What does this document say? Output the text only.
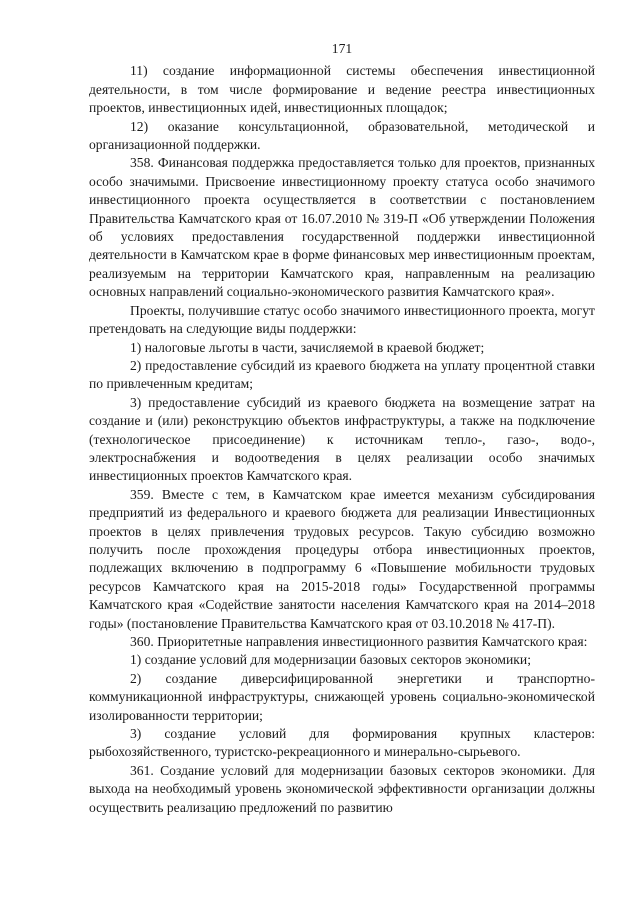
171

11) создание информационной системы обеспечения инвестиционной деятельности, в том числе формирование и ведение реестра инвестиционных проектов, инвестиционных идей, инвестиционных площадок;

12) оказание консультационной, образовательной, методической и организационной поддержки.

358. Финансовая поддержка предоставляется только для проектов, признанных особо значимыми. Присвоение инвестиционному проекту статуса особо значимого инвестиционного проекта осуществляется в соответствии с постановлением Правительства Камчатского края от 16.07.2010 № 319-П «Об утверждении Положения об условиях предоставления государственной поддержки инвестиционной деятельности в Камчатском крае в форме финансовых мер инвестиционным проектам, реализуемым на территории Камчатского края, направленным на реализацию основных направлений социально-экономического развития Камчатского края».

Проекты, получившие статус особо значимого инвестиционного проекта, могут претендовать на следующие виды поддержки:

1) налоговые льготы в части, зачисляемой в краевой бюджет;

2) предоставление субсидий из краевого бюджета на уплату процентной ставки по привлеченным кредитам;

3) предоставление субсидий из краевого бюджета на возмещение затрат на создание и (или) реконструкцию объектов инфраструктуры, а также на подключение (технологическое присоединение) к источникам тепло-, газо-, водо-, электроснабжения и водоотведения в целях реализации особо значимых инвестиционных проектов Камчатского края.

359. Вместе с тем, в Камчатском крае имеется механизм субсидирования предприятий из федерального и краевого бюджета для реализации Инвестиционных проектов в целях привлечения трудовых ресурсов. Такую субсидию возможно получить после прохождения процедуры отбора инвестиционных проектов, подлежащих включению в подпрограмму 6 «Повышение мобильности трудовых ресурсов Камчатского края на 2015-2018 годы» Государственной программы Камчатского края «Содействие занятости населения Камчатского края на 2014–2018 годы» (постановление Правительства Камчатского края от 03.10.2018 № 417-П).

360. Приоритетные направления инвестиционного развития Камчатского края:

1) создание условий для модернизации базовых секторов экономики;

2) создание диверсифицированной энергетики и транспортно-коммуникационной инфраструктуры, снижающей уровень социально-экономической изолированности территории;

3) создание условий для формирования крупных кластеров: рыбохозяйственного, туристско-рекреационного и минерально-сырьевого.

361. Создание условий для модернизации базовых секторов экономики. Для выхода на необходимый уровень экономической эффективности организации должны осуществить реализацию предложений по развитию
